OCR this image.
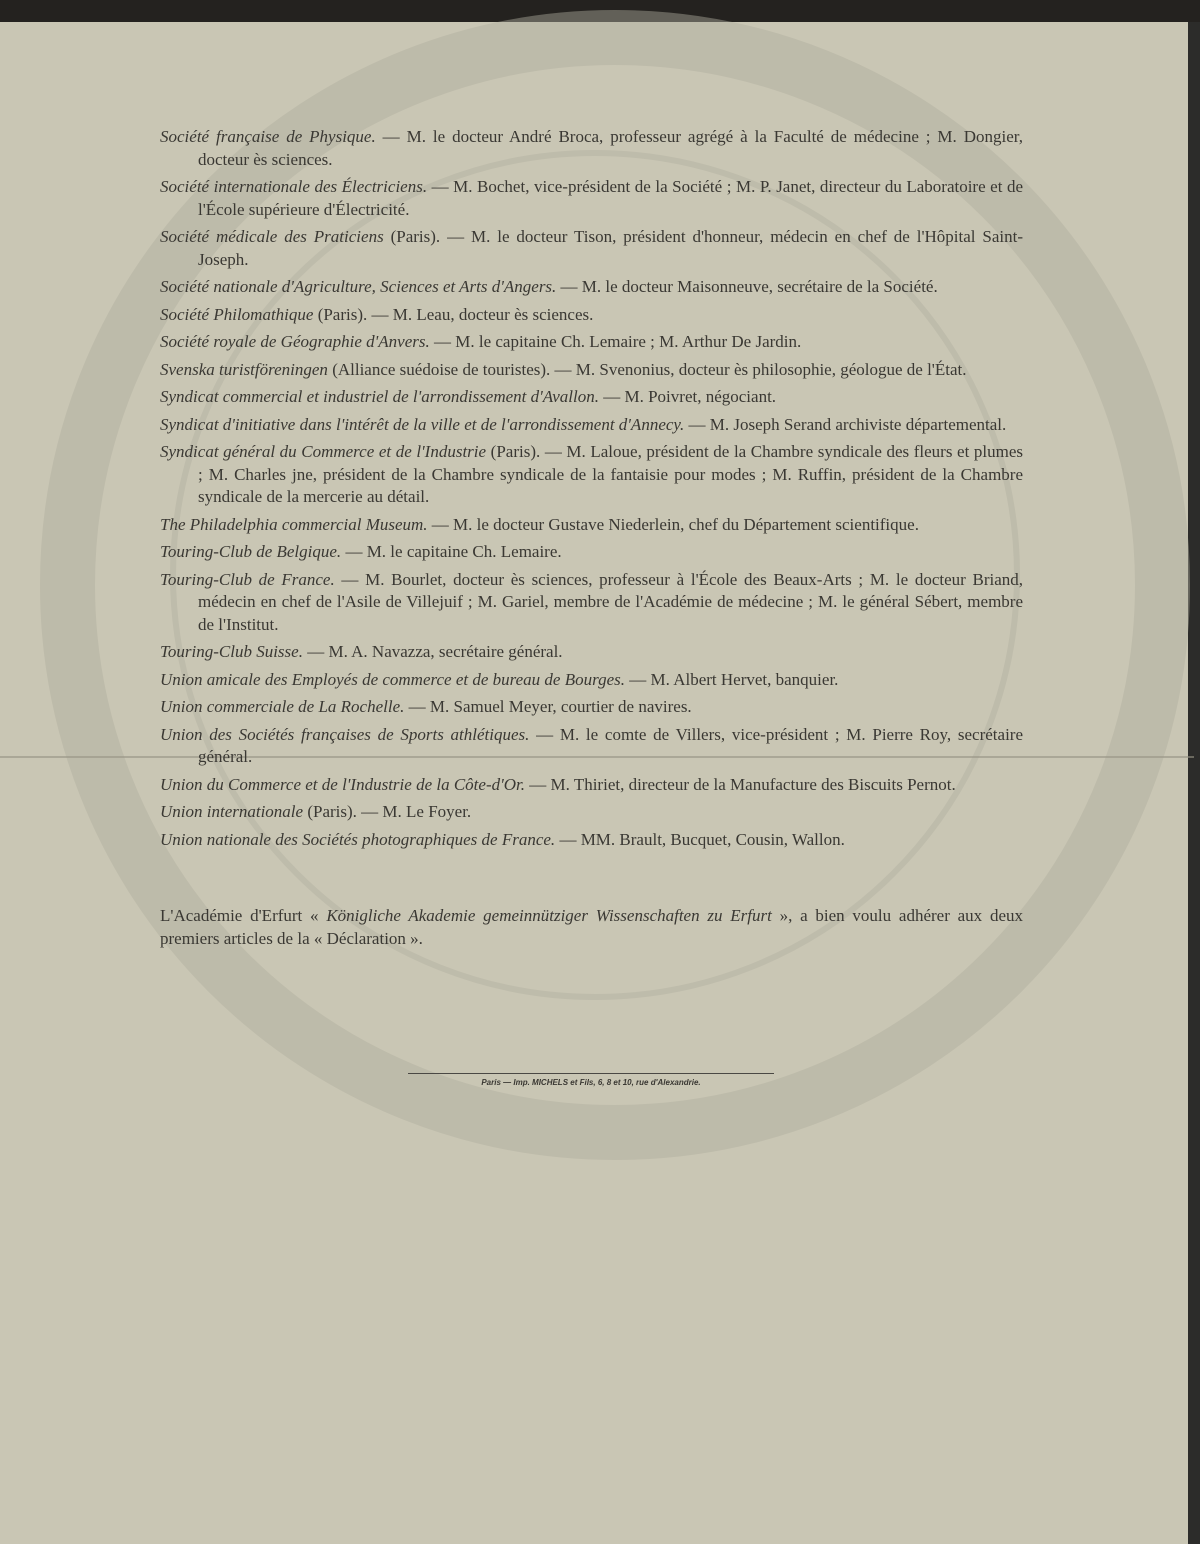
Société française de Physique. — M. le docteur André Broca, professeur agrégé à la Faculté de médecine ; M. Dongier, docteur ès sciences.
Société internationale des Électriciens. — M. Bochet, vice-président de la Société ; M. P. Janet, directeur du Laboratoire et de l'École supérieure d'Électricité.
Société médicale des Praticiens (Paris). — M. le docteur Tison, président d'honneur, médecin en chef de l'Hôpital Saint-Joseph.
Société nationale d'Agriculture, Sciences et Arts d'Angers. — M. le docteur Maisonneuve, secrétaire de la Société.
Société Philomathique (Paris). — M. Leau, docteur ès sciences.
Société royale de Géographie d'Anvers. — M. le capitaine Ch. Lemaire ; M. Arthur De Jardin.
Svenska turistföreningen (Alliance suédoise de touristes). — M. Svenonius, docteur ès philosophie, géologue de l'État.
Syndicat commercial et industriel de l'arrondissement d'Avallon. — M. Poivret, négociant.
Syndicat d'initiative dans l'intérêt de la ville et de l'arrondissement d'Annecy. — M. Joseph Serand archiviste départemental.
Syndicat général du Commerce et de l'Industrie (Paris). — M. Laloue, président de la Chambre syndicale des fleurs et plumes ; M. Charles jne, président de la Chambre syndicale de la fantaisie pour modes ; M. Ruffin, président de la Chambre syndicale de la mercerie au détail.
The Philadelphia commercial Museum. — M. le docteur Gustave Niederlein, chef du Département scientifique.
Touring-Club de Belgique. — M. le capitaine Ch. Lemaire.
Touring-Club de France. — M. Bourlet, docteur ès sciences, professeur à l'École des Beaux-Arts ; M. le docteur Briand, médecin en chef de l'Asile de Villejuif ; M. Gariel, membre de l'Académie de médecine ; M. le général Sébert, membre de l'Institut.
Touring-Club Suisse. — M. A. Navazza, secrétaire général.
Union amicale des Employés de commerce et de bureau de Bourges. — M. Albert Hervet, banquier.
Union commerciale de La Rochelle. — M. Samuel Meyer, courtier de navires.
Union des Sociétés françaises de Sports athlétiques. — M. le comte de Villers, vice-président ; M. Pierre Roy, secrétaire général.
Union du Commerce et de l'Industrie de la Côte-d'Or. — M. Thiriet, directeur de la Manufacture des Biscuits Pernot.
Union internationale (Paris). — M. Le Foyer.
Union nationale des Sociétés photographiques de France. — MM. Brault, Bucquet, Cousin, Wallon.
L'Académie d'Erfurt « Königliche Akademie gemeinnütziger Wissenschaften zu Erfurt », a bien voulu adhérer aux deux premiers articles de la « Déclaration ».
Paris — Imp. MICHELS et Fils, 6, 8 et 10, rue d'Alexandrie.
